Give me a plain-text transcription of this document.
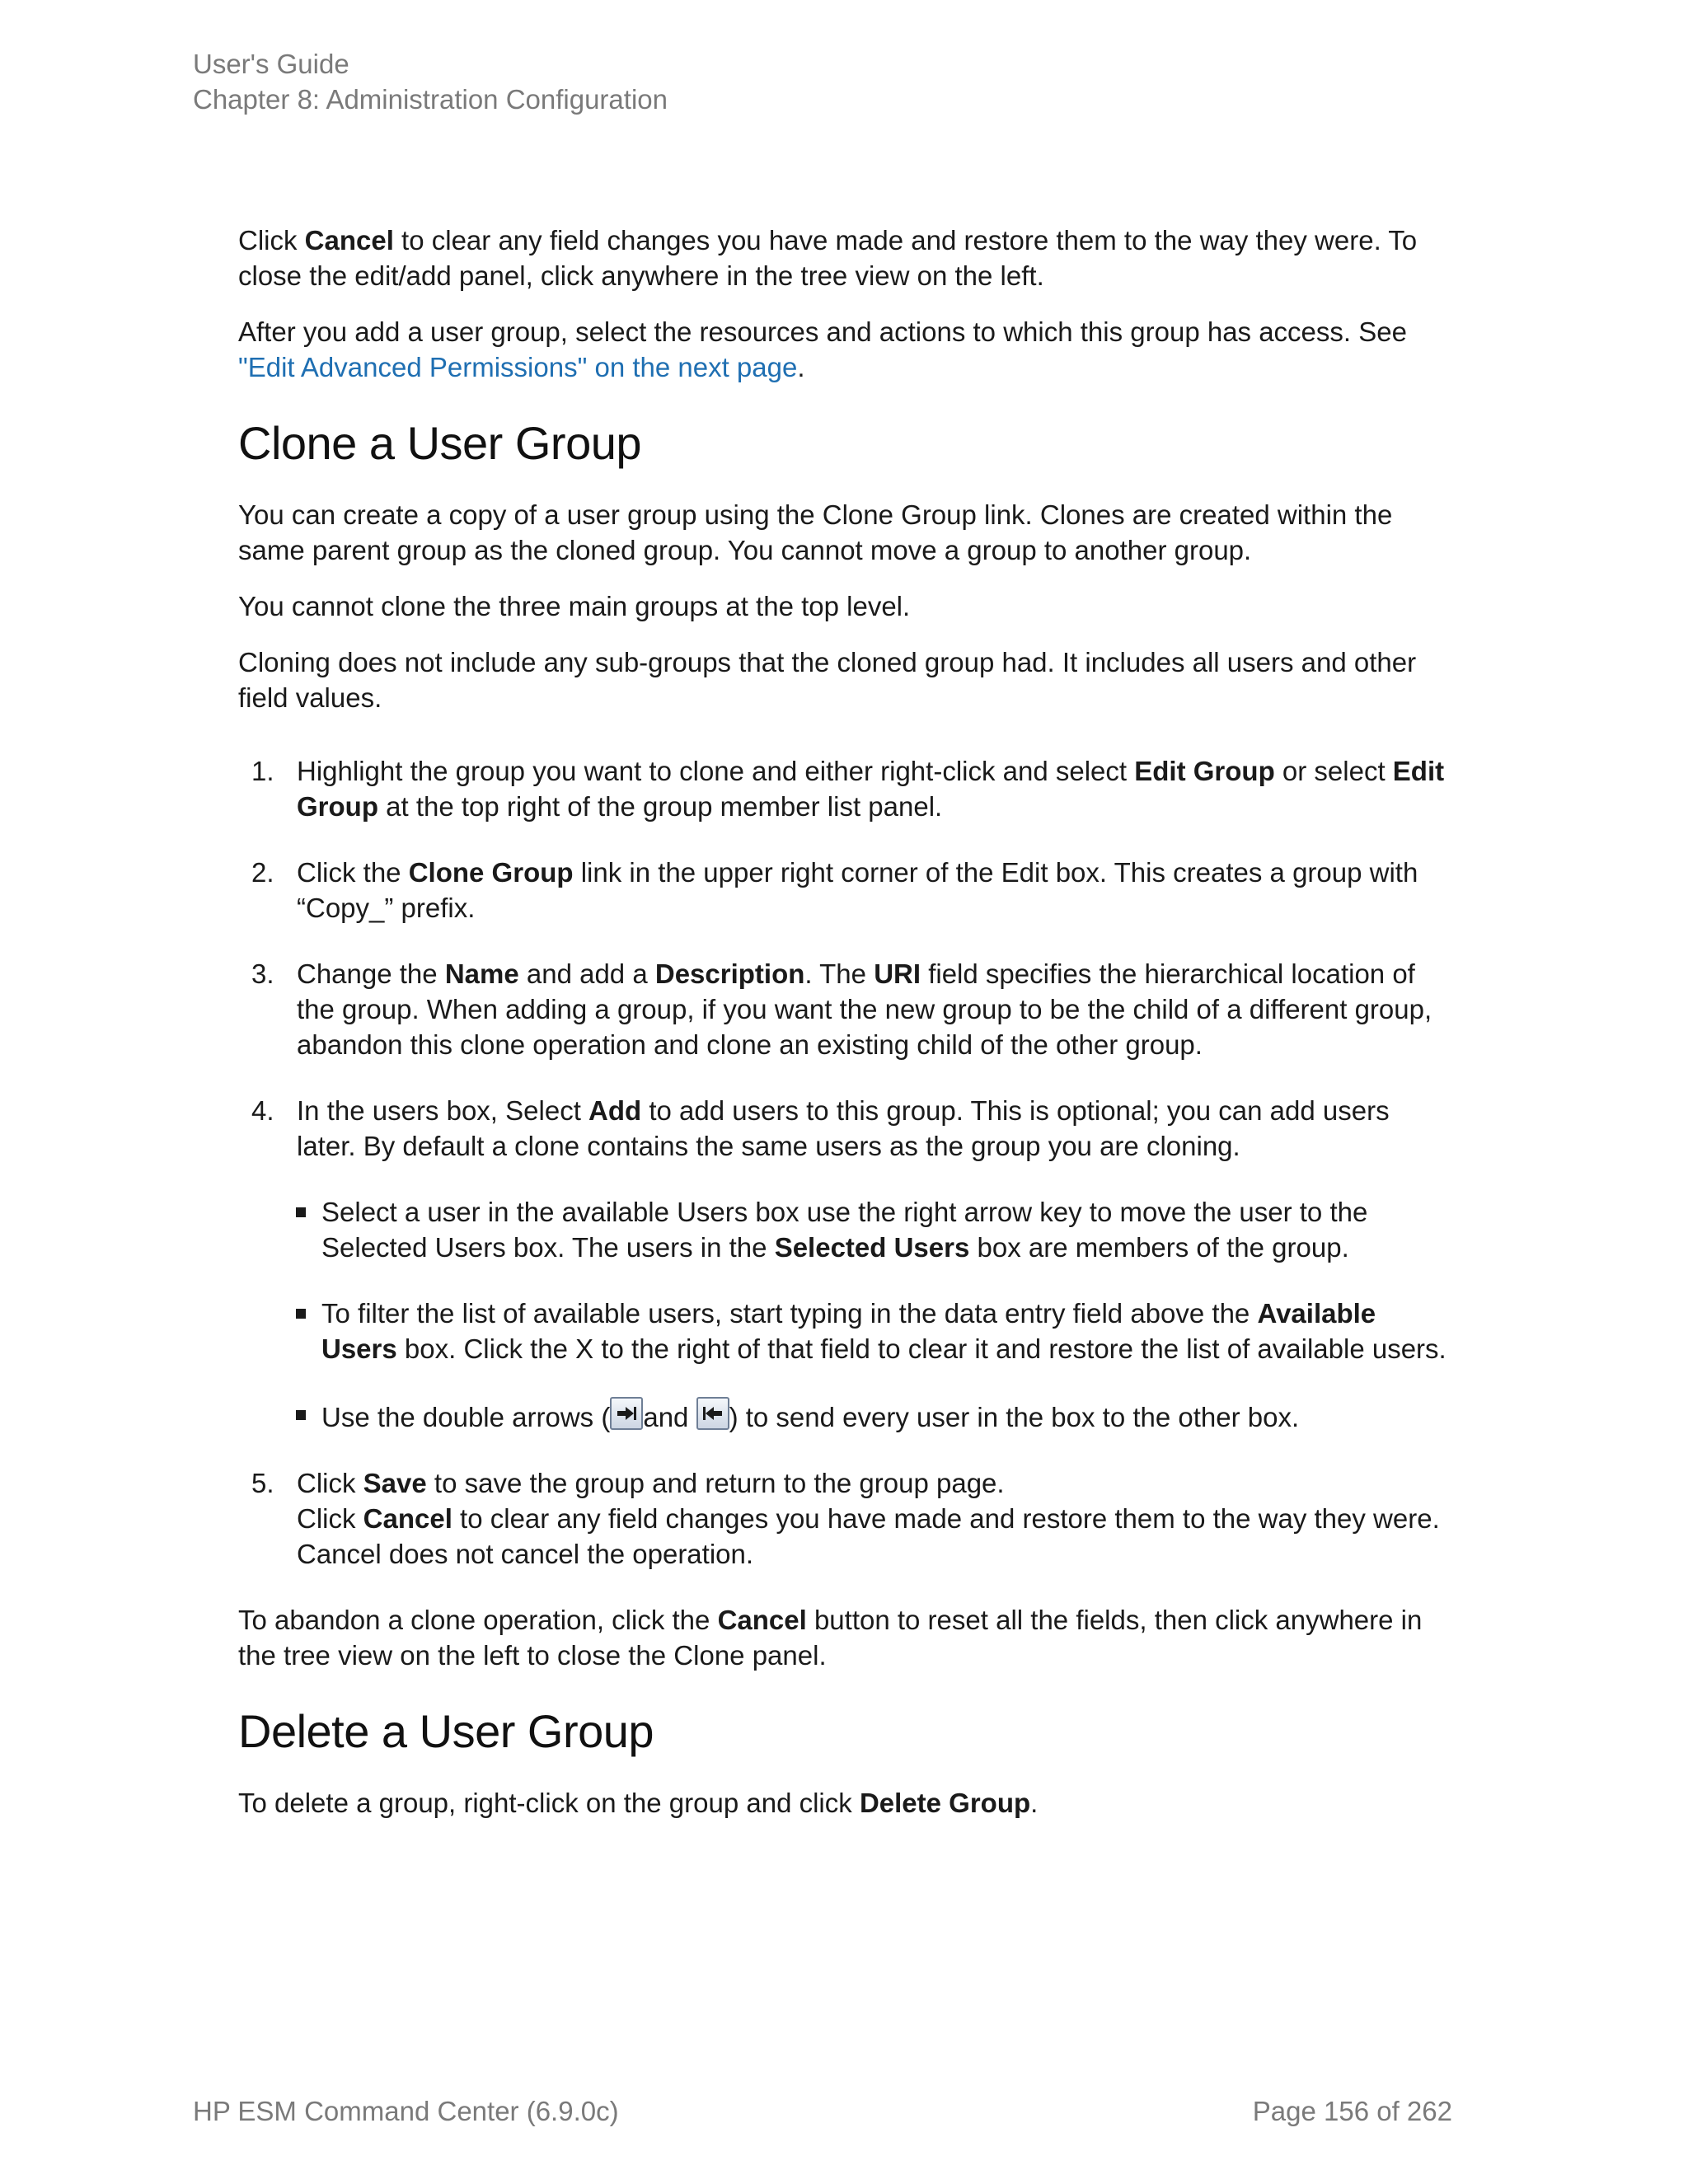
User's Guide
Chapter 8: Administration Configuration

Click Cancel to clear any field changes you have made and restore them to the way they were. To close the edit/add panel, click anywhere in the tree view on the left.

After you add a user group, select the resources and actions to which this group has access. See "Edit Advanced Permissions" on the next page.

Clone a User Group

You can create a copy of a user group using the Clone Group link. Clones are created within the same parent group as the cloned group. You cannot move a group to another group.

You cannot clone the three main groups at the top level.

Cloning does not include any sub-groups that the cloned group had. It includes all users and other field values.

1. Highlight the group you want to clone and either right-click and select Edit Group or select Edit Group at the top right of the group member list panel.
2. Click the Clone Group link in the upper right corner of the Edit box. This creates a group with “Copy_” prefix.
3. Change the Name and add a Description. The URI field specifies the hierarchical location of the group. When adding a group, if you want the new group to be the child of a different group, abandon this clone operation and clone an existing child of the other group.
4. In the users box, Select Add to add users to this group. This is optional; you can add users later. By default a clone contains the same users as the group you are cloning.
Select a user in the available Users box use the right arrow key to move the user to the Selected Users box. The users in the Selected Users box are members of the group.
To filter the list of available users, start typing in the data entry field above the Available Users box. Click the X to the right of that field to clear it and restore the list of available users.
Use the double arrows ( and
) to send every user in the box to the other box.
5. Click Save to save the group and return to the group page.
Click Cancel to clear any field changes you have made and restore them to the way they were. Cancel does not cancel the operation.

To abandon a clone operation, click the Cancel button to reset all the fields, then click anywhere in the tree view on the left to close the Clone panel.

Delete a User Group

To delete a group, right-click on the group and click Delete Group.

HP ESM Command Center (6.9.0c)	Page 156 of 262
